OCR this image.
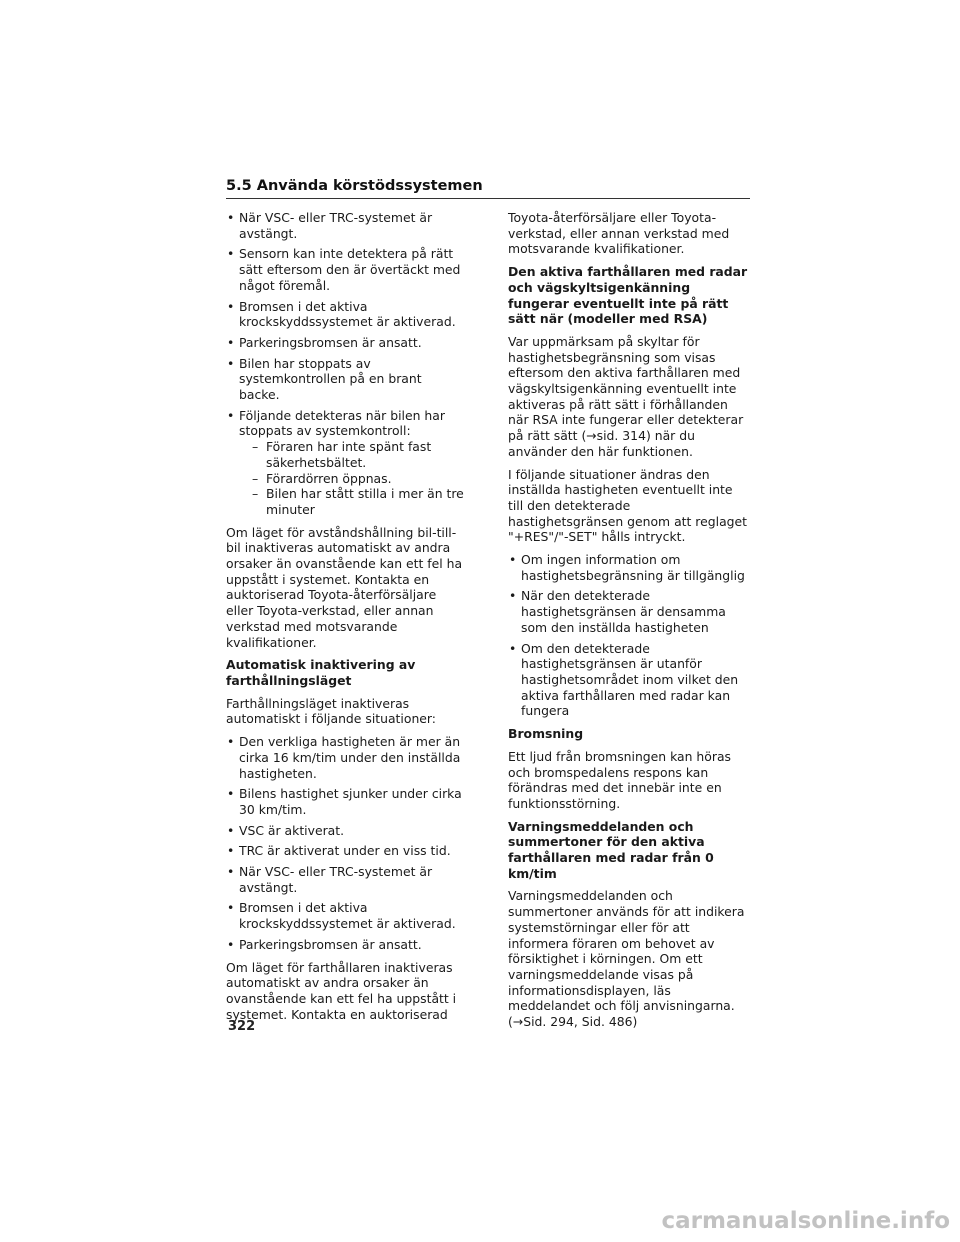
5.5 Använda körstödssystemen
• När VSC- eller TRC-systemet är avstängt.
• Sensorn kan inte detektera på rätt sätt eftersom den är övertäckt med något föremål.
• Bromsen i det aktiva krockskyddssystemet är aktiverad.
• Parkeringsbromsen är ansatt.
• Bilen har stoppats av systemkontrollen på en brant backe.
• Följande detekteras när bilen har stoppats av systemkontroll:
– Föraren har inte spänt fast säkerhetsbältet.
– Förardörren öppnas.
– Bilen har stått stilla i mer än tre minuter

Om läget för avståndshållning bil-till-bil inaktiveras automatiskt av andra orsaker än ovanstående kan ett fel ha uppstått i systemet. Kontakta en auktoriserad Toyota-återförsäljare eller Toyota-verkstad, eller annan verkstad med motsvarande kvalifikationer.

Automatisk inaktivering av farthållningsläget

Farthållningsläget inaktiveras automatiskt i följande situationer:

• Den verkliga hastigheten är mer än cirka 16 km/tim under den inställda hastigheten.
• Bilens hastighet sjunker under cirka 30 km/tim.
• VSC är aktiverat.
• TRC är aktiverat under en viss tid.
• När VSC- eller TRC-systemet är avstängt.
• Bromsen i det aktiva krockskyddssystemet är aktiverad.
• Parkeringsbromsen är ansatt.

Om läget för farthållaren inaktiveras automatiskt av andra orsaker än ovanstående kan ett fel ha uppstått i systemet. Kontakta en auktoriserad

Toyota-återförsäljare eller Toyota-verkstad, eller annan verkstad med motsvarande kvalifikationer.

Den aktiva farthållaren med radar och vägskyltsigenkänning fungerar eventuellt inte på rätt sätt när (modeller med RSA)

Var uppmärksam på skyltar för hastighetsbegränsning som visas eftersom den aktiva farthållaren med vägskyltsigenkänning eventuellt inte aktiveras på rätt sätt i förhållanden när RSA inte fungerar eller detekterar på rätt sätt (→sid. 314) när du använder den här funktionen.

I följande situationer ändras den inställda hastigheten eventuellt inte till den detekterade hastighetsgränsen genom att reglaget "+RES"/"-SET" hålls intryckt.

• Om ingen information om hastighetsbegränsning är tillgänglig
• När den detekterade hastighetsgränsen är densamma som den inställda hastigheten
• Om den detekterade hastighetsgränsen är utanför hastighetsområdet inom vilket den aktiva farthållaren med radar kan fungera
Bromsning

Ett ljud från bromsningen kan höras och bromspedalens respons kan förändras med det innebär inte en funktionsstörning.

Varningsmeddelanden och summertoner för den aktiva farthållaren med radar från 0 km/tim

Varningsmeddelanden och summertoner används för att indikera systemstörningar eller för att informera föraren om behovet av försiktighet i körningen. Om ett varningsmeddelande visas på informationsdisplayen, läs meddelandet och följ anvisningarna. (→Sid. 294, Sid. 486)

322
carmanualsonline.info
